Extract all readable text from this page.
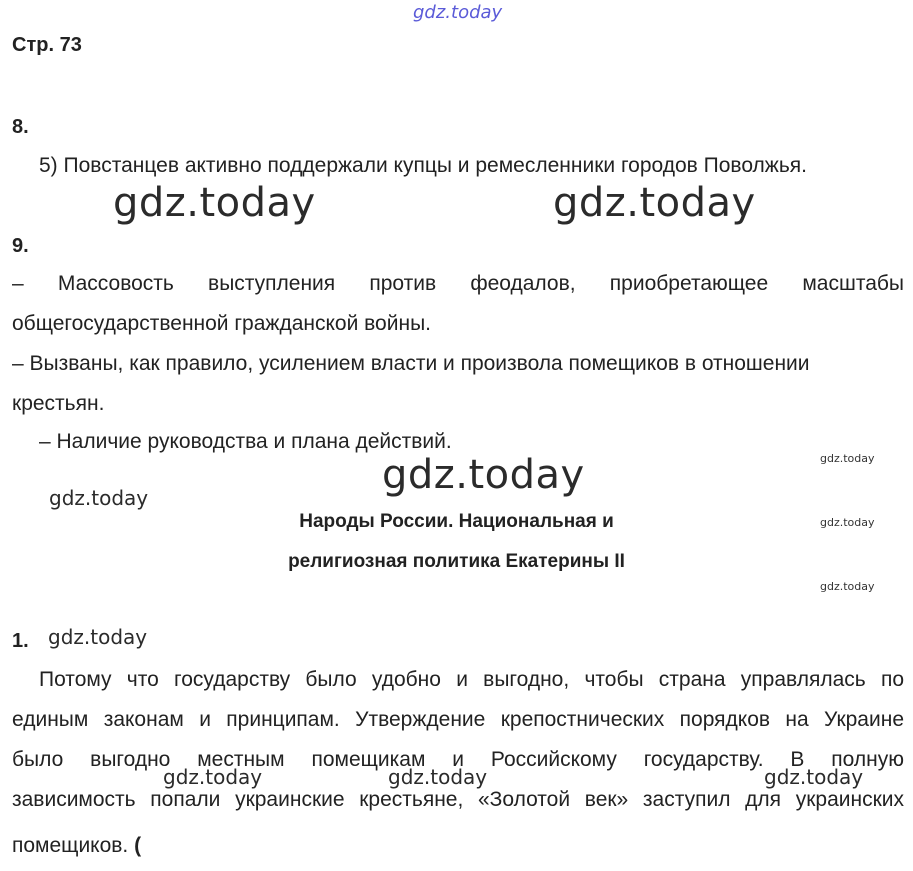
gdz.today
Стр. 73
8.
5) Повстанцев активно поддержали купцы и ремесленники городов Поволжья.
gdz.today	gdz.today
9.
– Массовость выступления против феодалов, приобретающее масштабы
общегосударственной гражданской войны.
– Вызваны, как правило, усилением власти и произвола помещиков в отношении
крестьян.
– Наличие руководства и плана действий.
gdz.today	gdz.today
gdz.today
gdz.today
gdz.today
Народы России. Национальная и
религиозная политика Екатерины II
1. gdz.today
Потому что государству было удобно и выгодно, чтобы страна управлялась по
единым законам и принципам. Утверждение крепостнических порядков на Украине
было выгодно местным помещикам и Российскому государству. В полную
gdz.today	gdz.today	gdz.today
зависимость попали украинские крестьяне, «Золотой век» заступил для украинских
помещиков. (
